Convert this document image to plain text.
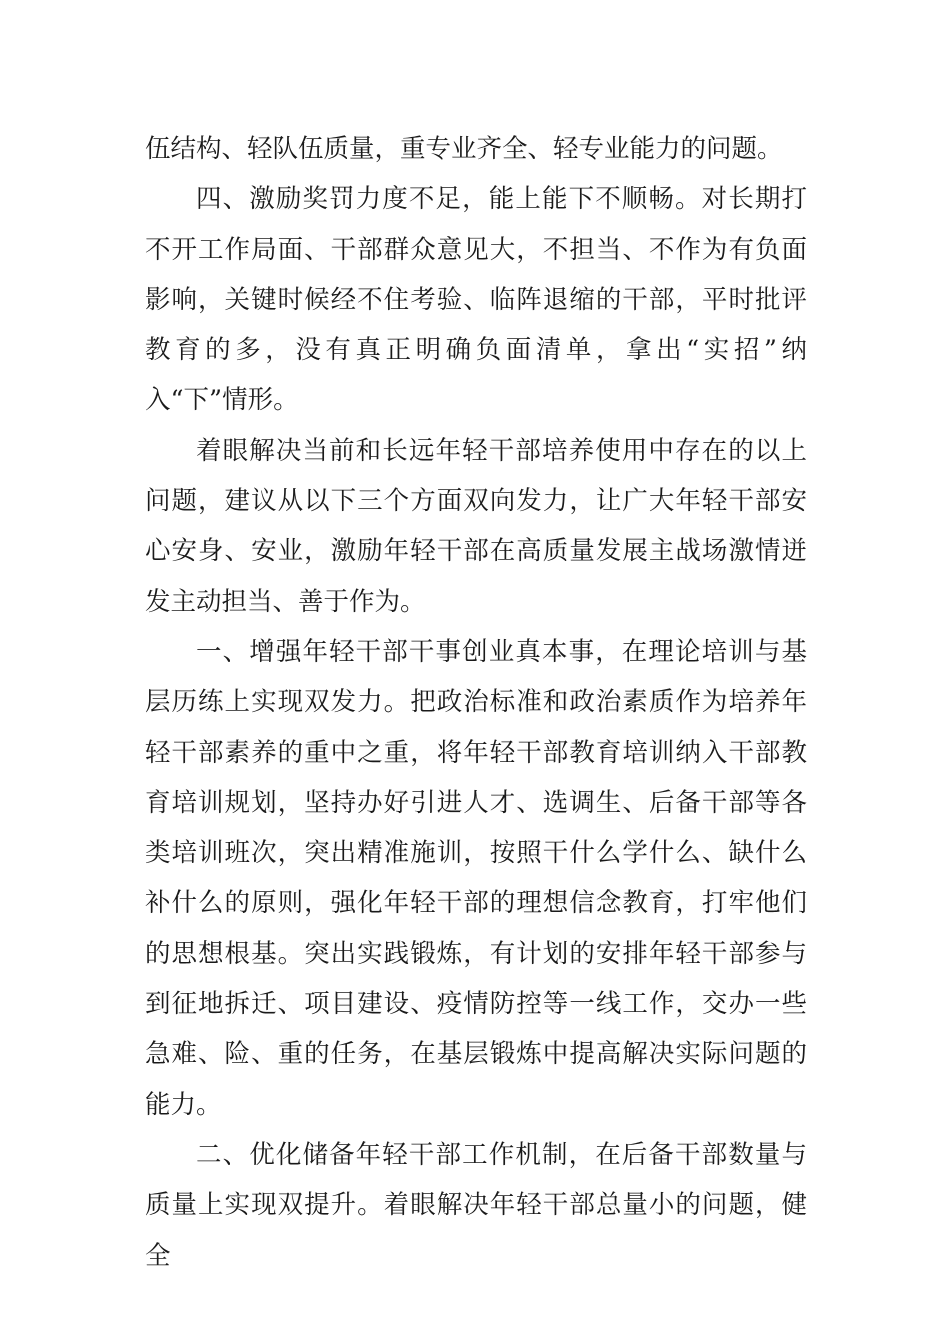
伍结构、轻队伍质量，重专业齐全、轻专业能力的问题。

四、激励奖罚力度不足，能上能下不顺畅。对长期打不开工作局面、干部群众意见大，不担当、不作为有负面影响，关键时候经不住考验、临阵退缩的干部，平时批评教育的多，没有真正明确负面清单，拿出“实招”纳入“下”情形。

着眼解决当前和长远年轻干部培养使用中存在的以上问题，建议从以下三个方面双向发力，让广大年轻干部安心安身、安业，激励年轻干部在高质量发展主战场激情迸发主动担当、善于作为。

一、增强年轻干部干事创业真本事，在理论培训与基层历练上实现双发力。把政治标准和政治素质作为培养年轻干部素养的重中之重，将年轻干部教育培训纳入干部教育培训规划，坚持办好引进人才、选调生、后备干部等各类培训班次，突出精准施训，按照干什么学什么、缺什么补什么的原则，强化年轻干部的理想信念教育，打牢他们的思想根基。突出实践锻炼，有计划的安排年轻干部参与到征地拆迁、项目建设、疫情防控等一线工作，交办一些急难、险、重的任务，在基层锻炼中提高解决实际问题的能力。

二、优化储备年轻干部工作机制，在后备干部数量与质量上实现双提升。着眼解决年轻干部总量小的问题，健全
